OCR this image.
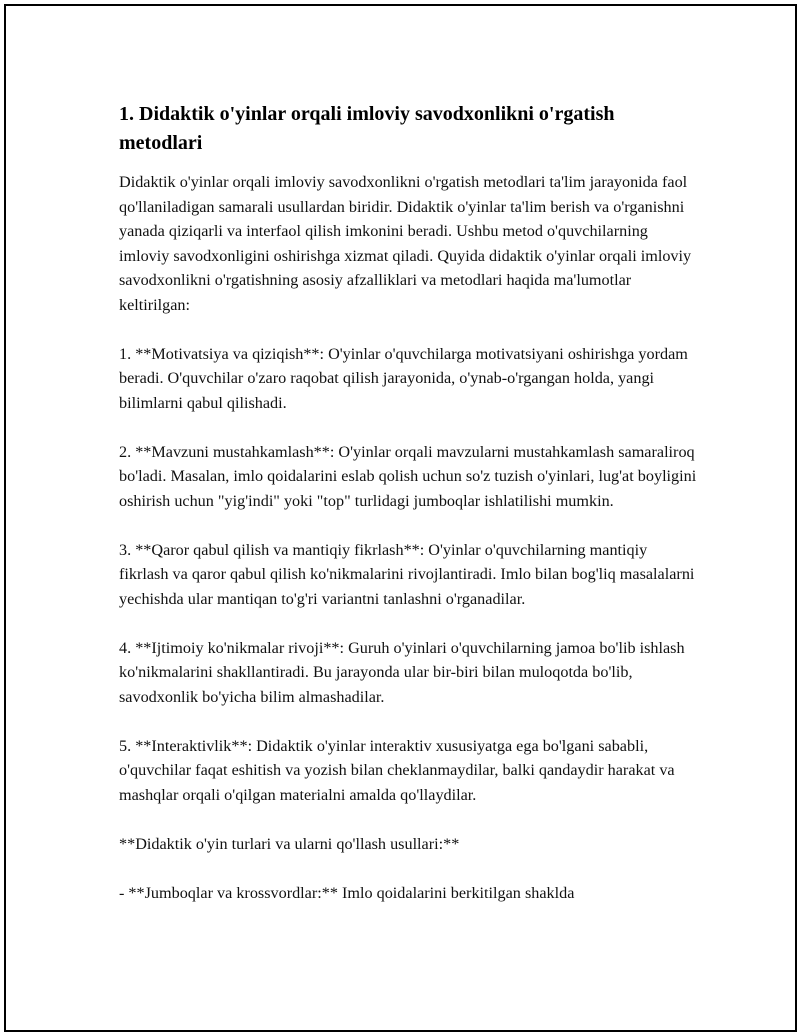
1. Didaktik o'yinlar orqali imloviy savodxonlikni o'rgatish metodlari

Didaktik o'yinlar orqali imloviy savodxonlikni o'rgatish metodlari ta'lim jarayonida faol qo'llaniladigan samarali usullardan biridir. Didaktik o'yinlar ta'lim berish va o'rganishni yanada qiziqarli va interfaol qilish imkonini beradi. Ushbu metod o'quvchilarning imloviy savodxonligini oshirishga xizmat qiladi. Quyida didaktik o'yinlar orqali imloviy savodxonlikni o'rgatishning asosiy afzalliklari va metodlari haqida ma'lumotlar keltirilgan:

1. **Motivatsiya va qiziqish**: O'yinlar o'quvchilarga motivatsiyani oshirishga yordam beradi. O'quvchilar o'zaro raqobat qilish jarayonida, o'ynab-o'rgangan holda, yangi bilimlarni qabul qilishadi.

2. **Mavzuni mustahkamlash**: O'yinlar orqali mavzularni mustahkamlash samaraliroq bo'ladi. Masalan, imlo qoidalarini eslab qolish uchun so'z tuzish o'yinlari, lug'at boyligini oshirish uchun "yig'indi" yoki "top" turlidagi jumboqlar ishlatilishi mumkin.

3. **Qaror qabul qilish va mantiqiy fikrlash**: O'yinlar o'quvchilarning mantiqiy fikrlash va qaror qabul qilish ko'nikmalarini rivojlantiradi. Imlo bilan bog'liq masalalarni yechishda ular mantiqan to'g'ri variantni tanlashni o'rganadilar.

4. **Ijtimoiy ko'nikmalar rivoji**: Guruh o'yinlari o'quvchilarning jamoa bo'lib ishlash ko'nikmalarini shakllantiradi. Bu jarayonda ular bir-biri bilan muloqotda bo'lib, savodxonlik bo'yicha bilim almashadilar.

5. **Interaktivlik**: Didaktik o'yinlar interaktiv xususiyatga ega bo'lgani sababli, o'quvchilar faqat eshitish va yozish bilan cheklanmaydilar, balki qandaydir harakat va mashqlar orqali o'qilgan materialni amalda qo'llaydilar.

**Didaktik o'yin turlari va ularni qo'llash usullari:**

- **Jumboqlar va krossvordlar:** Imlo qoidalarini berkitilgan shaklda
